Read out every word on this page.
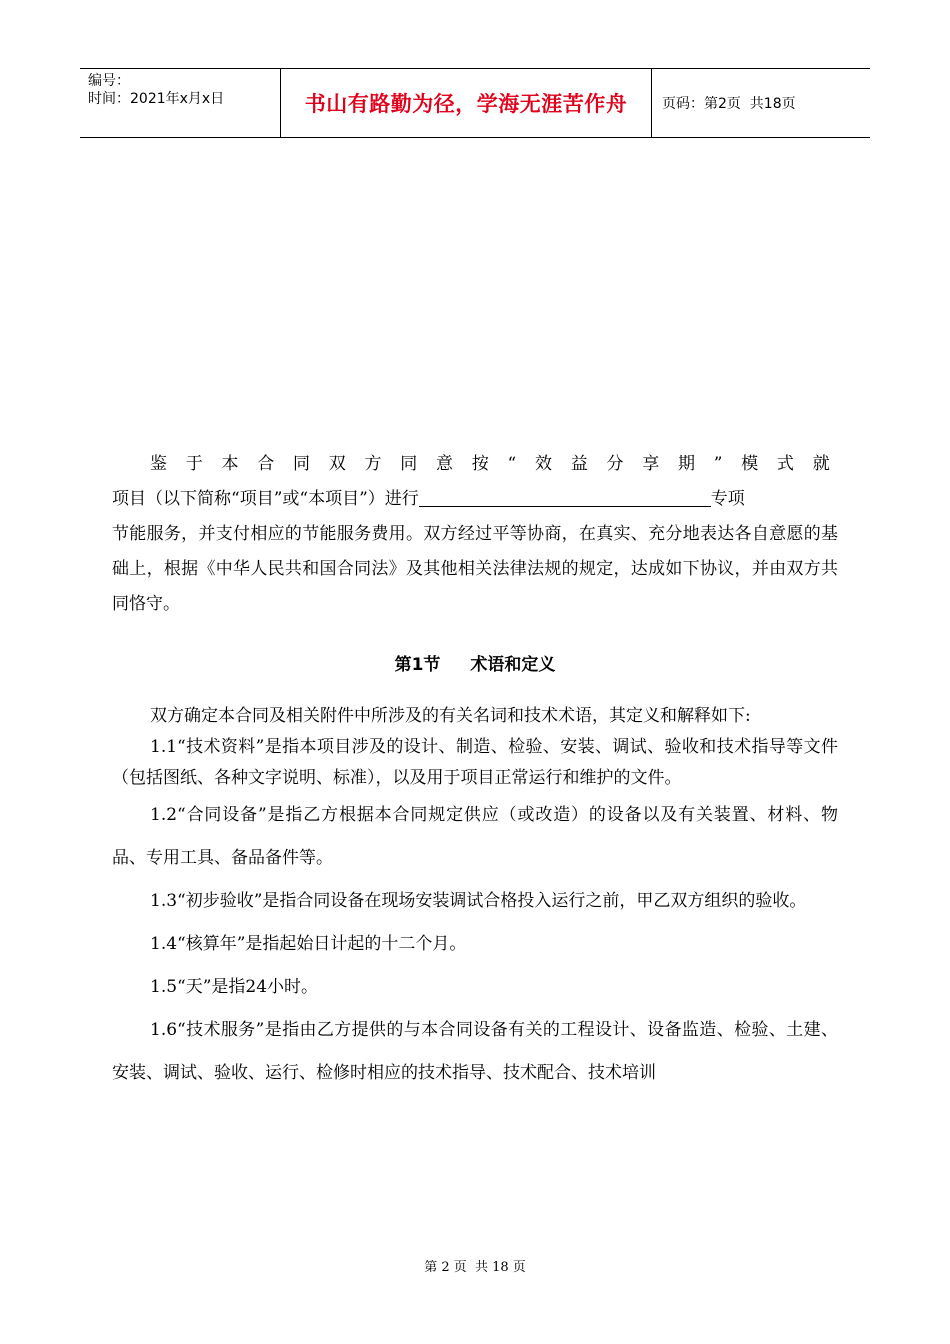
编号：
时间：2021年x月x日	书山有路勤为径，学海无涯苦作舟 页码：第2页  共18页

鉴于本合同双方同意按“效益分享期”模式就

项目（以下简称“项目”或“本项目”）进行	专项

节能服务，并支付相应的节能服务费用。双方经过平等协商，在真实、充分地表达各自意愿的基础上，根据《中华人民共和国合同法》及其他相关法律法规的规定，达成如下协议，并由双方共同恪守。

第1节 术语和定义

双方确定本合同及相关附件中所涉及的有关名词和技术术语，其定义和解释如下:

1.1“技术资料”是指本项目涉及的设计、制造、检验、安装、调试、验收和技术指导等文件（包括图纸、各种文字说明、标准），以及用于项目正常运行和维护的文件。

1.2“合同设备”是指乙方根据本合同规定供应（或改造）的设备以及有关装置、材料、物品、专用工具、备品备件等。

1.3“初步验收”是指合同设备在现场安装调试合格投入运行之前，甲乙双方组织的验收。

1.4“核算年”是指起始日计起的十二个月。

1.5“天”是指24小时。

1.6“技术服务”是指由乙方提供的与本合同设备有关的工程设计、设备监造、检验、土建、安装、调试、验收、运行、检修时相应的技术指导、技术配合、技术培训

第 2 页  共 18 页
